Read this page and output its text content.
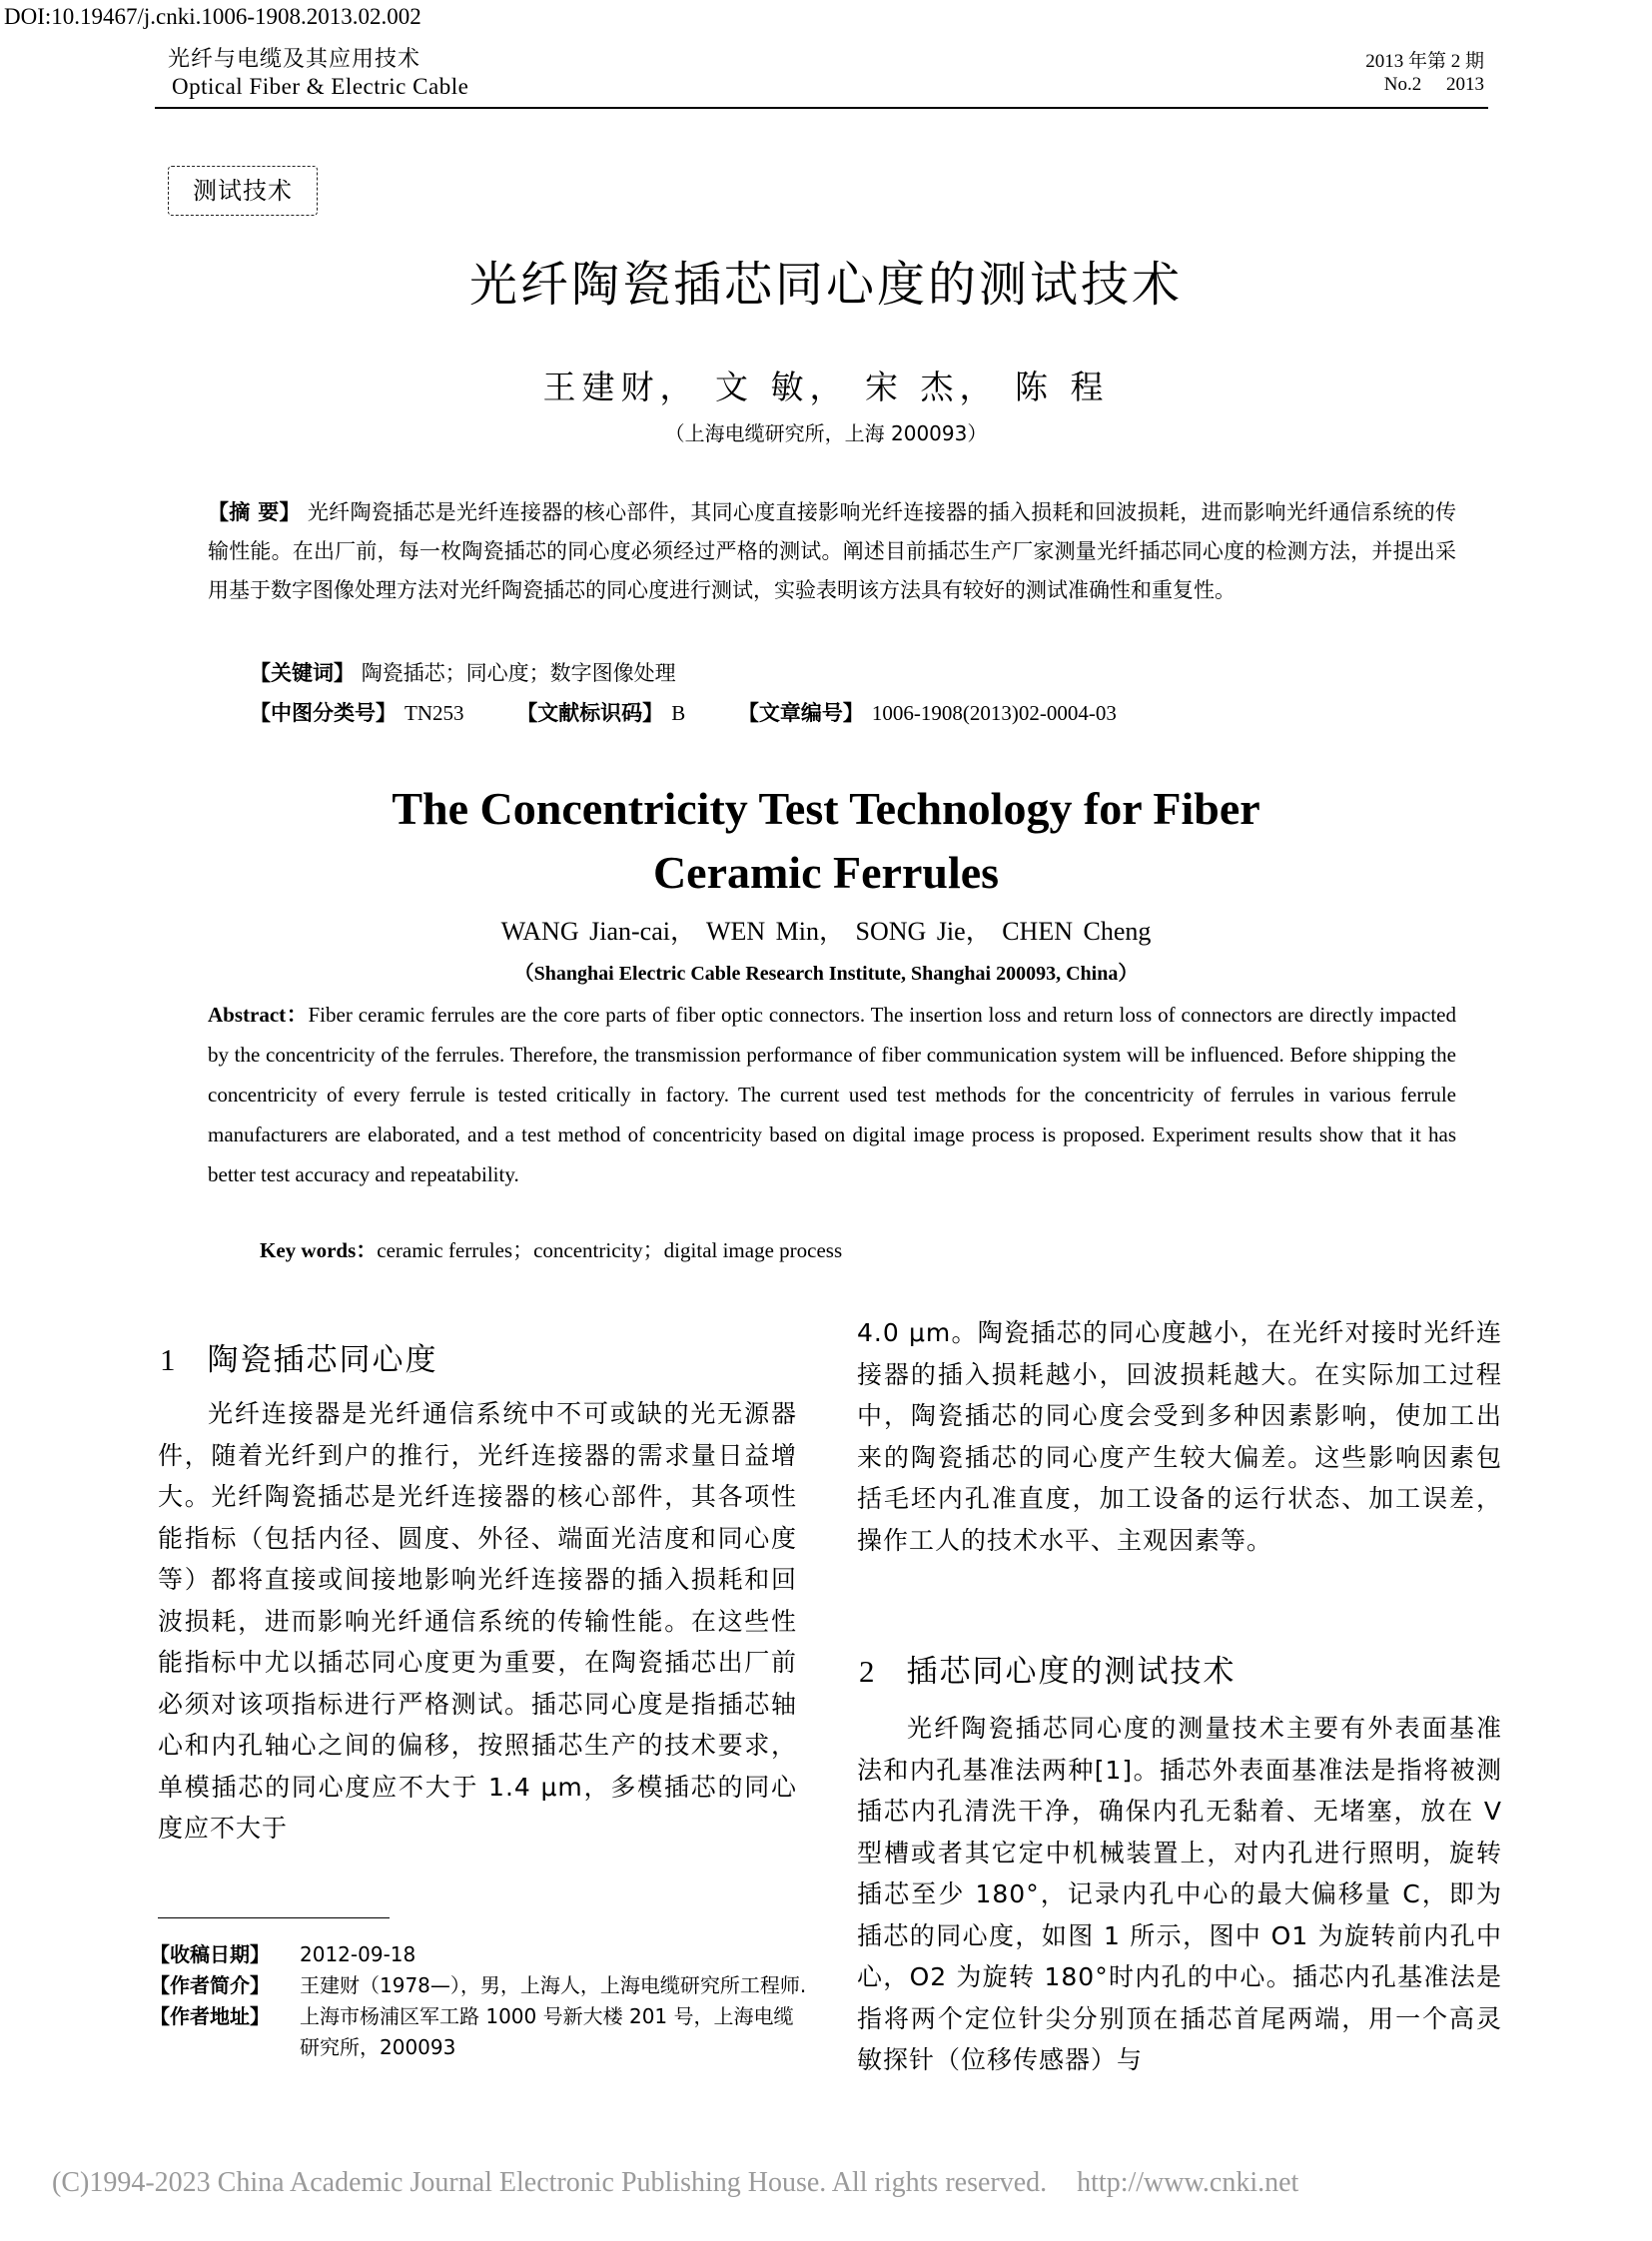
DOI:10.19467/j.cnki.1006-1908.2013.02.002
光纤与电缆及其应用技术
Optical Fiber & Electric Cable
2013 年第 2 期
No.2 2013
测试技术
光纤陶瓷插芯同心度的测试技术
王建财， 文 敏， 宋 杰， 陈 程
（上海电缆研究所，上海 200093）
【摘 要】 光纤陶瓷插芯是光纤连接器的核心部件，其同心度直接影响光纤连接器的插入损耗和回波损耗，进而影响光纤通信系统的传输性能。在出厂前，每一枚陶瓷插芯的同心度必须经过严格的测试。阐述目前插芯生产厂家测量光纤插芯同心度的检测方法，并提出采用基于数字图像处理方法对光纤陶瓷插芯的同心度进行测试，实验表明该方法具有较好的测试准确性和重复性。
【关键词】 陶瓷插芯；同心度；数字图像处理
【中图分类号】 TN253	【文献标识码】 B	【文章编号】 1006-1908(2013)02-0004-03
The Concentricity Test Technology for Fiber
Ceramic Ferrules
WANG Jian-cai， WEN Min， SONG Jie， CHEN Cheng
（Shanghai Electric Cable Research Institute, Shanghai 200093, China）
Abstract：Fiber ceramic ferrules are the core parts of fiber optic connectors. The insertion loss and return loss of connectors are directly impacted by the concentricity of the ferrules. Therefore, the transmission performance of fiber communication system will be influenced. Before shipping the concentricity of every ferrule is tested critically in factory. The current used test methods for the concentricity of ferrules in various ferrule manufacturers are elaborated, and a test method of concentricity based on digital image process is proposed. Experiment results show that it has better test accuracy and repeatability.
Key words：ceramic ferrules；concentricity；digital image process
1 陶瓷插芯同心度

光纤连接器是光纤通信系统中不可或缺的光无源器件，随着光纤到户的推行，光纤连接器的需求量日益增大。光纤陶瓷插芯是光纤连接器的核心部件，其各项性能指标（包括内径、圆度、外径、端面光洁度和同心度等）都将直接或间接地影响光纤连接器的插入损耗和回波损耗，进而影响光纤通信系统的传输性能。在这些性能指标中尤以插芯同心度更为重要，在陶瓷插芯出厂前必须对该项指标进行严格测试。插芯同心度是指插芯轴心和内孔轴心之间的偏移，按照插芯生产的技术要求，单模插芯的同心度应不大于 1.4 μm，多模插芯的同心度应不大于

4.0 μm。陶瓷插芯的同心度越小，在光纤对接时光纤连接器的插入损耗越小，回波损耗越大。在实际加工过程中，陶瓷插芯的同心度会受到多种因素影响，使加工出来的陶瓷插芯的同心度产生较大偏差。这些影响因素包括毛坯内孔准直度，加工设备的运行状态、加工误差，操作工人的技术水平、主观因素等。

2 插芯同心度的测试技术

光纤陶瓷插芯同心度的测量技术主要有外表面基准法和内孔基准法两种[1]。插芯外表面基准法是指将被测插芯内孔清洗干净，确保内孔无黏着、无堵塞，放在 V 型槽或者其它定中机械装置上，对内孔进行照明，旋转插芯至少 180°，记录内孔中心的最大偏移量 C，即为插芯的同心度，如图 1 所示，图中 O1 为旋转前内孔中心，O2 为旋转 180°时内孔的中心。插芯内孔基准法是指将两个定位针尖分别顶在插芯首尾两端，用一个高灵敏探针（位移传感器）与

【收稿日期】	2012-09-18
【作者简介】	王建财（1978—），男，上海人，上海电缆研究所工程师.
【作者地址】	上海市杨浦区军工路 1000 号新大楼 201 号，上海电缆研究所，200093
(C)1994-2023 China Academic Journal Electronic Publishing House. All rights reserved. http://www.cnki.net
